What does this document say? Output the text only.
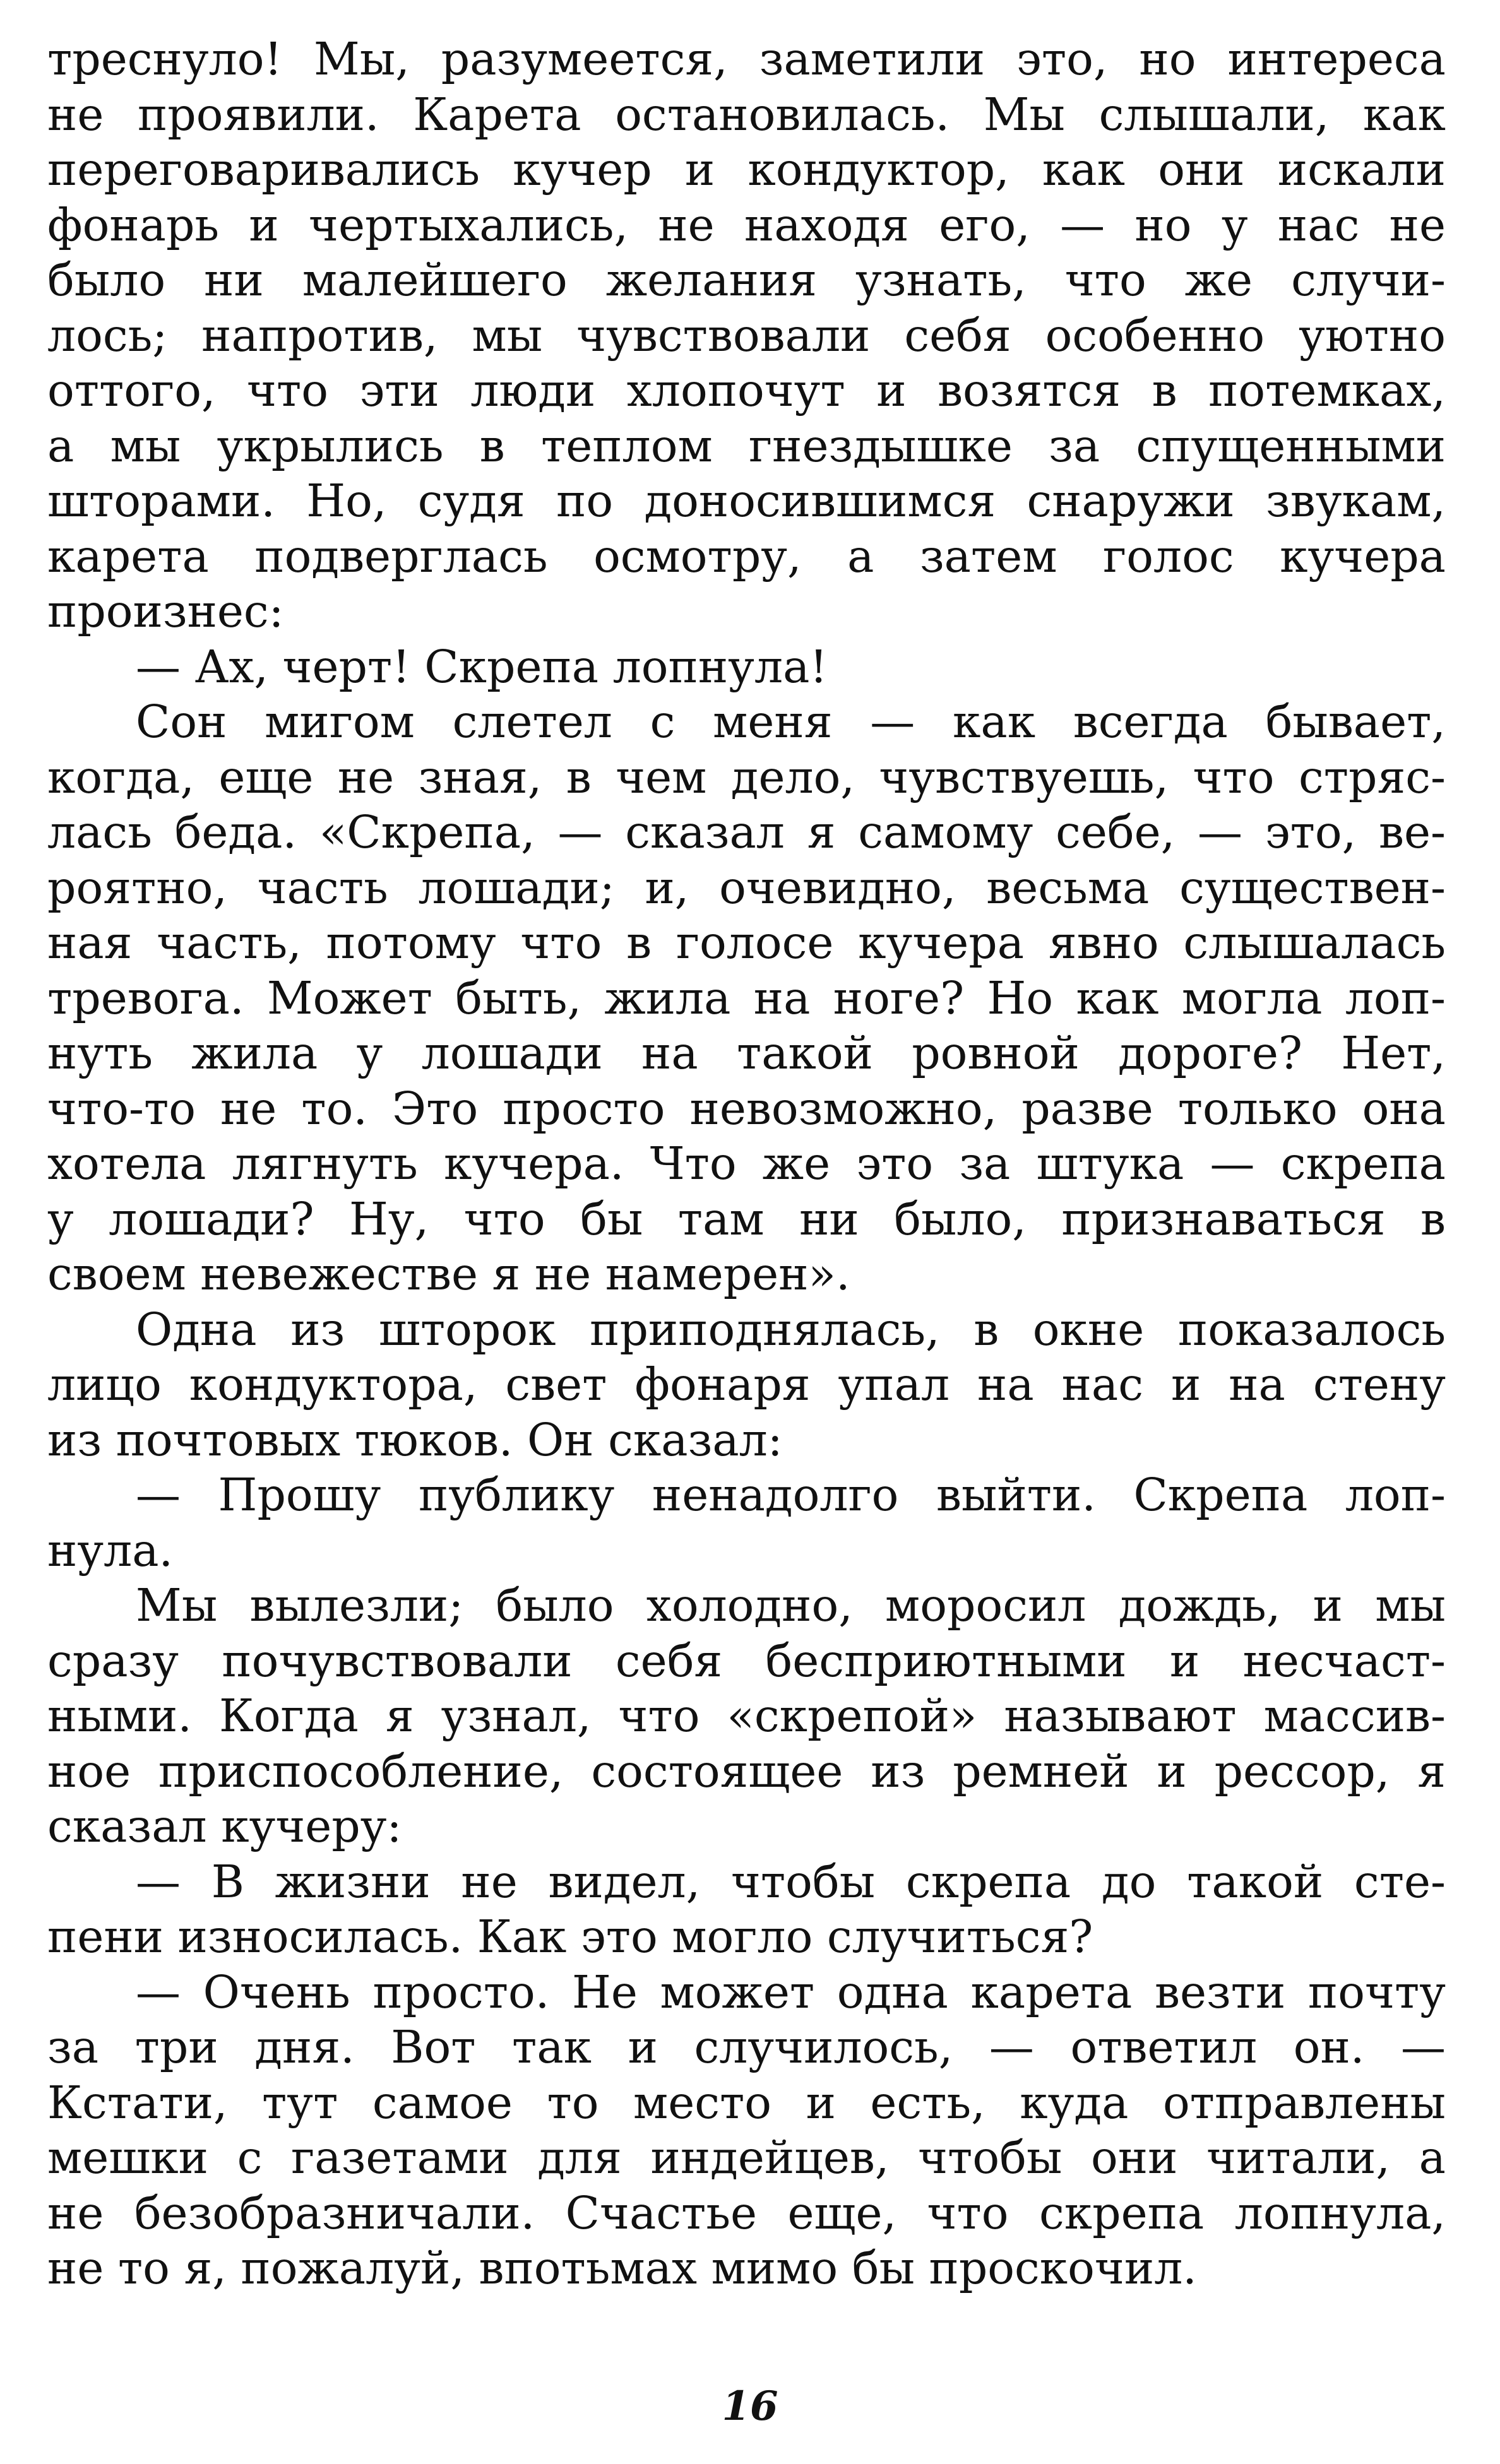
треснуло! Мы, разумеется, заметили это, но интереса
не проявили. Карета остановилась. Мы слышали, как
переговаривались кучер и кондуктор, как они искали
фонарь и чертыхались, не находя его, — но у нас не
было ни малейшего желания узнать, что же случи-
лось; напротив, мы чувствовали себя особенно уютно
оттого, что эти люди хлопочут и возятся в потемках,
а мы укрылись в теплом гнездышке за спущенными
шторами. Но, судя по доносившимся снаружи звукам,
карета подверглась осмотру, а затем голос кучера
произнес:
— Ах, черт! Скрепа лопнула!
Сон мигом слетел с меня — как всегда бывает,
когда, еще не зная, в чем дело, чувствуешь, что стряс-
лась беда. «Скрепа, — сказал я самому себе, — это, ве-
роятно, часть лошади; и, очевидно, весьма существен-
ная часть, потому что в голосе кучера явно слышалась
тревога. Может быть, жила на ноге? Но как могла лоп-
нуть жила у лошади на такой ровной дороге? Нет,
что-то не то. Это просто невозможно, разве только она
хотела лягнуть кучера. Что же это за штука — скрепа
у лошади? Ну, что бы там ни было, признаваться в
своем невежестве я не намерен».
Одна из шторок приподнялась, в окне показалось
лицо кондуктора, свет фонаря упал на нас и на стену
из почтовых тюков. Он сказал:
— Прошу публику ненадолго выйти. Скрепа лоп-
нула.
Мы вылезли; было холодно, моросил дождь, и мы
сразу почувствовали себя бесприютными и несчаст-
ными. Когда я узнал, что «скрепой» называют массив-
ное приспособление, состоящее из ремней и рессор, я
сказал кучеру:
— В жизни не видел, чтобы скрепа до такой сте-
пени износилась. Как это могло случиться?
— Очень просто. Не может одна карета везти почту
за три дня. Вот так и случилось, — ответил он. —
Кстати, тут самое то место и есть, куда отправлены
мешки с газетами для индейцев, чтобы они читали, а
не безобразничали. Счастье еще, что скрепа лопнула,
не то я, пожалуй, впотьмах мимо бы проскочил.
16
